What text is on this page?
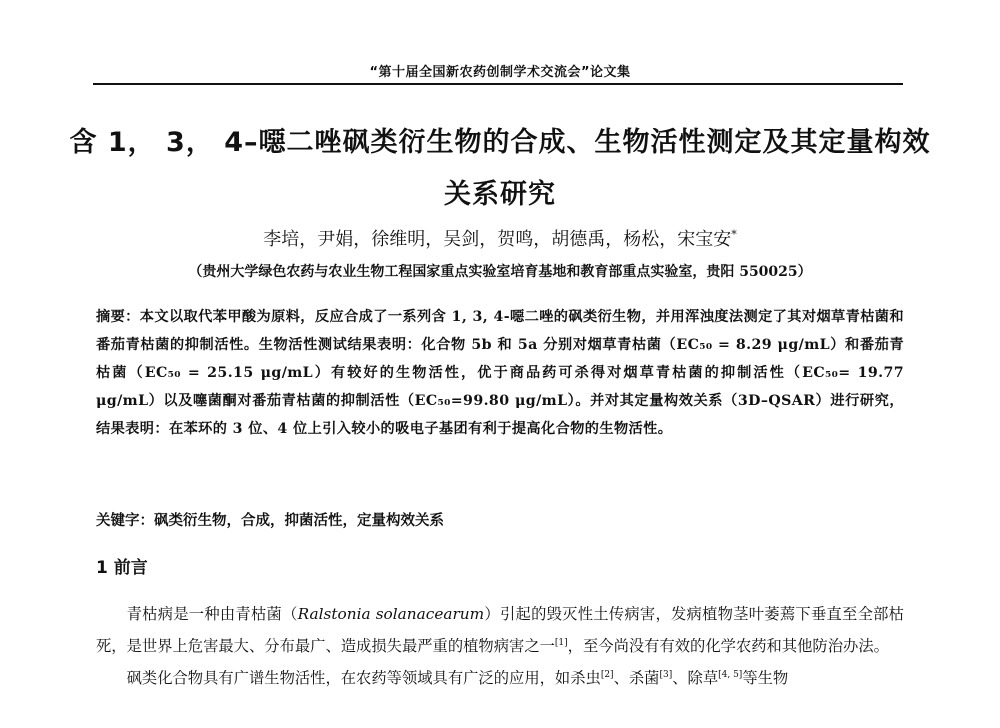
“第十届全国新农药创制学术交流会”论文集
含 1， 3， 4–噁二唑砜类衍生物的合成、生物活性测定及其定量构效
关系研究
李培，尹娟，徐维明，吴剑，贺鸣，胡德禹，杨松，宋宝安*
（贵州大学绿色农药与农业生物工程国家重点实验室培育基地和教育部重点实验室，贵阳 550025）
摘要：本文以取代苯甲酸为原料，反应合成了一系列含 1, 3, 4-噁二唑的砜类衍生物，并用浑浊度法测定了其对烟草青枯菌和番茄青枯菌的抑制活性。生物活性测试结果表明：化合物 5b 和 5a 分别对烟草青枯菌（EC₅₀ = 8.29 μg/mL）和番茄青枯菌（EC₅₀ = 25.15 μg/mL）有较好的生物活性，优于商品药可杀得对烟草青枯菌的抑制活性（EC₅₀= 19.77 μg/mL）以及噻菌酮对番茄青枯菌的抑制活性（EC₅₀=99.80 μg/mL）。并对其定量构效关系（3D–QSAR）进行研究，结果表明：在苯环的 3 位、4 位上引入较小的吸电子基团有利于提高化合物的生物活性。
关键字：砜类衍生物，合成，抑菌活性，定量构效关系
1 前言

青枯病是一种由青枯菌（Ralstonia solanacearum）引起的毁灭性土传病害，发病植物茎叶萎蔫下垂直至全部枯死，是世界上危害最大、分布最广、造成损失最严重的植物病害之一[1]，至今尚没有有效的化学农药和其他防治办法。

砜类化合物具有广谱生物活性，在农药等领域具有广泛的应用，如杀虫[2]、杀菌[3]、除草[4, 5]等生物
